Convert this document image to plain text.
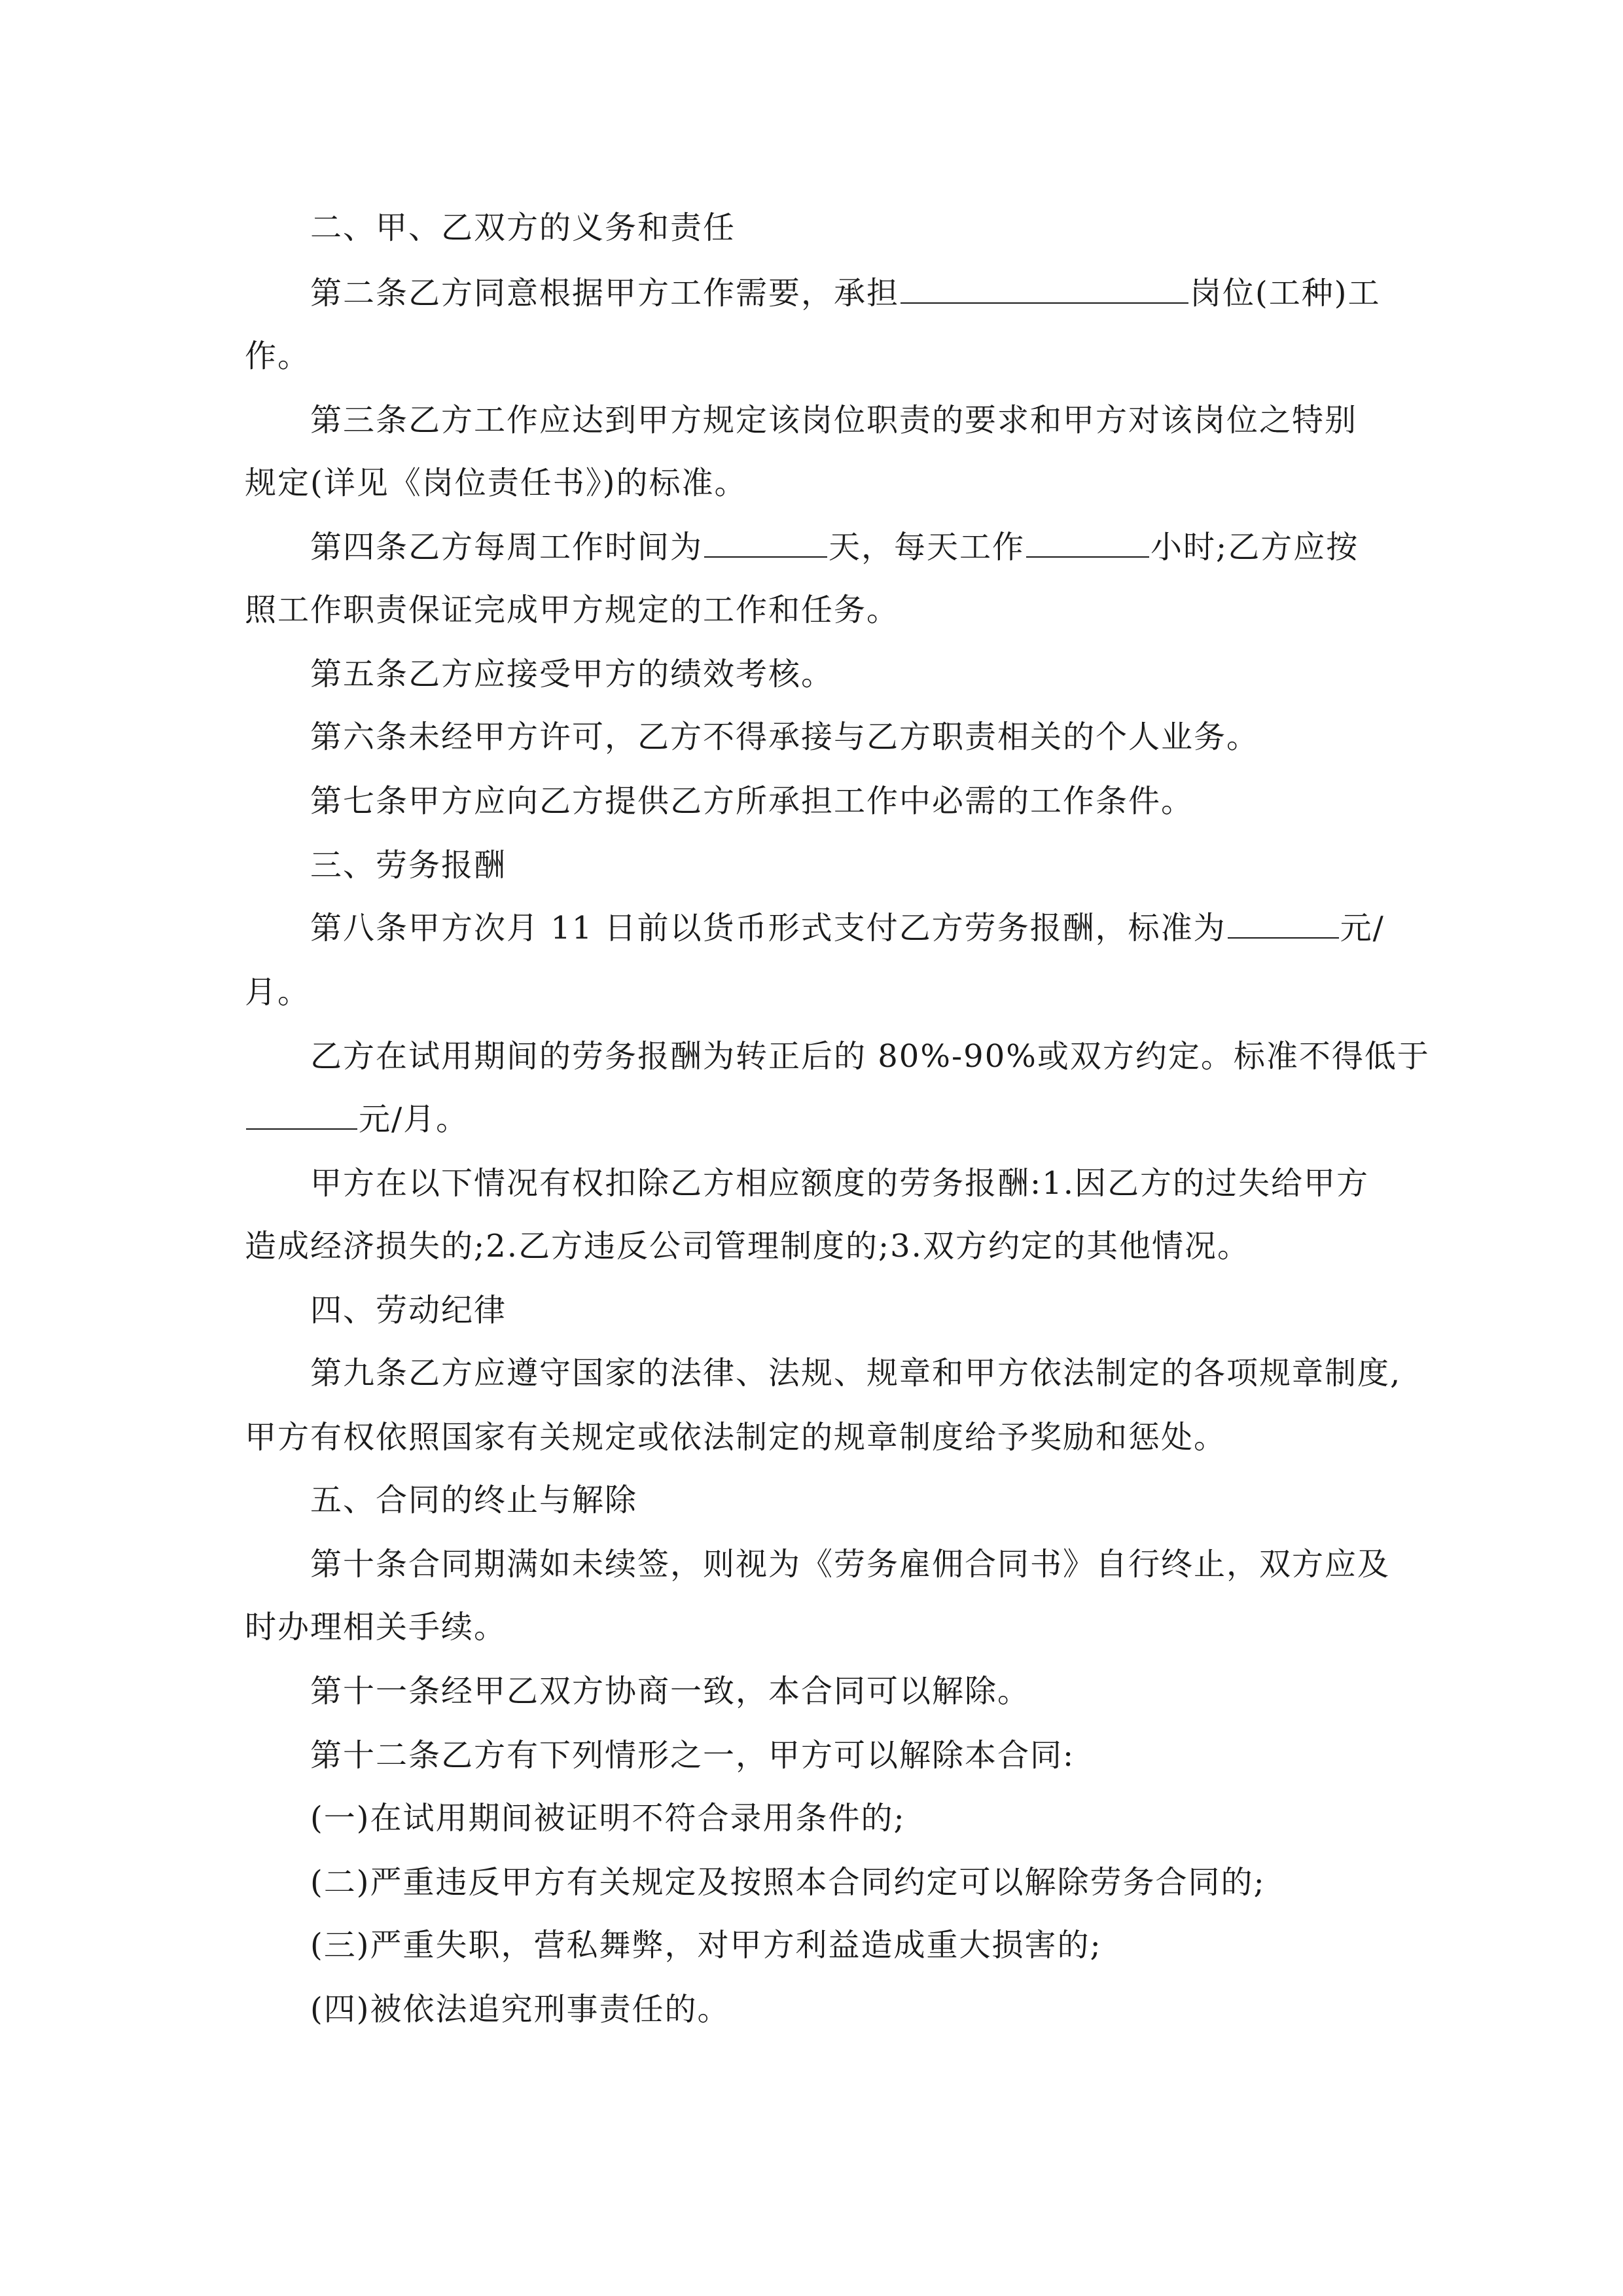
二、甲、乙双方的义务和责任
第二条乙方同意根据甲方工作需要，承担	岗位(工种)工
作。
第三条乙方工作应达到甲方规定该岗位职责的要求和甲方对该岗位之特别
规定(详见《岗位责任书》)的标准。
第四条乙方每周工作时间为	天，每天工作	小时;乙方应按
照工作职责保证完成甲方规定的工作和任务。
第五条乙方应接受甲方的绩效考核。
第六条未经甲方许可，乙方不得承接与乙方职责相关的个人业务。
第七条甲方应向乙方提供乙方所承担工作中必需的工作条件。
三、劳务报酬
第八条甲方次月 11 日前以货币形式支付乙方劳务报酬，标准为	元/
月。
乙方在试用期间的劳务报酬为转正后的 80%-90%或双方约定。标准不得低于
元/月。
甲方在以下情况有权扣除乙方相应额度的劳务报酬:1.因乙方的过失给甲方
造成经济损失的;2.乙方违反公司管理制度的;3.双方约定的其他情况。
四、劳动纪律
第九条乙方应遵守国家的法律、法规、规章和甲方依法制定的各项规章制度,
甲方有权依照国家有关规定或依法制定的规章制度给予奖励和惩处。
五、合同的终止与解除
第十条合同期满如未续签，则视为《劳务雇佣合同书》自行终止，双方应及
时办理相关手续。
第十一条经甲乙双方协商一致，本合同可以解除。
第十二条乙方有下列情形之一，甲方可以解除本合同:
(一)在试用期间被证明不符合录用条件的;
(二)严重违反甲方有关规定及按照本合同约定可以解除劳务合同的;
(三)严重失职，营私舞弊，对甲方利益造成重大损害的;
(四)被依法追究刑事责任的。
